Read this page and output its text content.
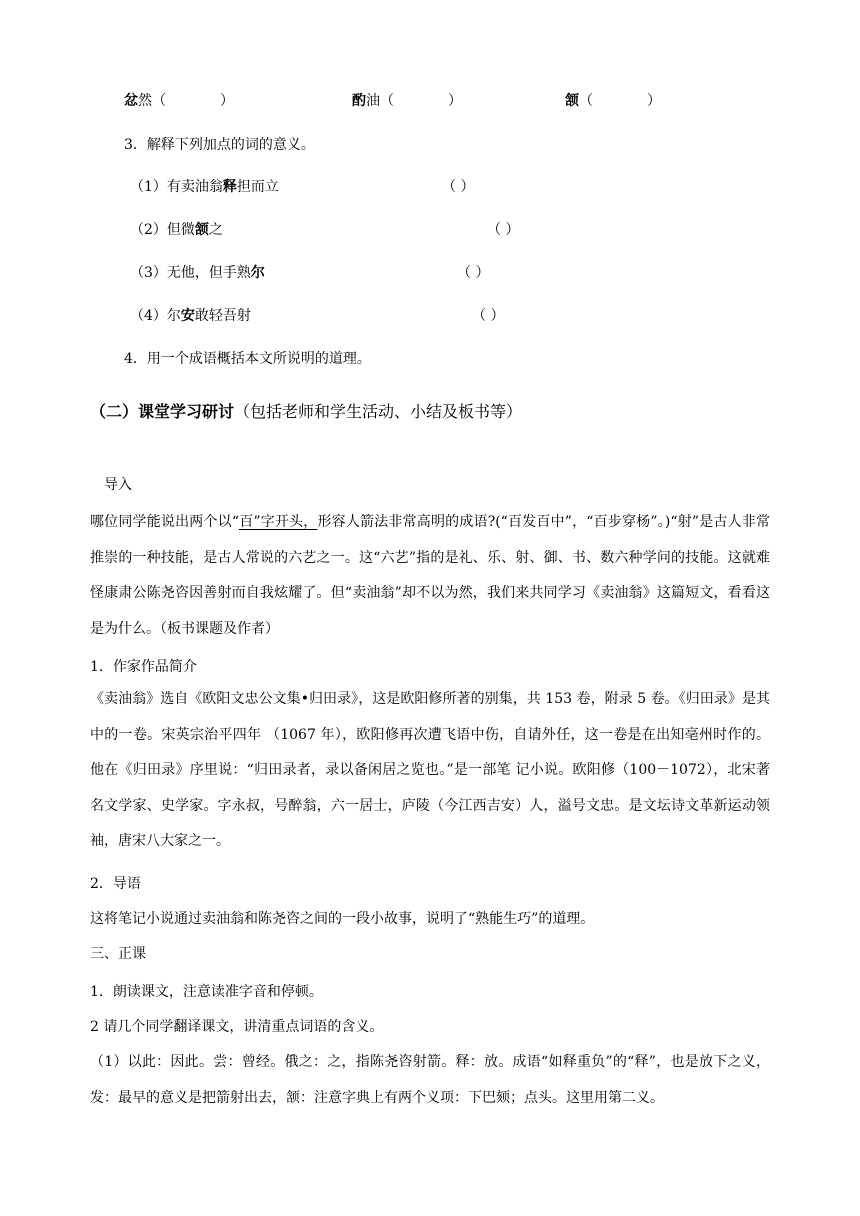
忿然（	）	酌油（	）	颔（	）
3．解释下列加点的词的意义。
（1）有卖油翁释担而立	（ ）
（2）但微颔之	（ ）
（3）无他，但手熟尔	（ ）
（4）尔安敢轻吾射	（ ）
4．用一个成语概括本文所说明的道理。
（二）课堂学习研讨（包括老师和学生活动、小结及板书等）
导入
哪位同学能说出两个以“百”字开头，形容人箭法非常高明的成语?(“百发百中”，“百步穿杨”。)“射”是古人非常推崇的一种技能，是古人常说的六艺之一。这“六艺”指的是礼、乐、射、御、书、数六种学问的技能。这就难怪康肃公陈尧咨因善射而自我炫耀了。但“卖油翁”却不以为然，我们来共同学习《卖油翁》这篇短文，看看这是为什么。（板书课题及作者）
1．作家作品简介
《卖油翁》选自《欧阳文忠公文集•归田录》，这是欧阳修所著的别集，共 153 卷，附录 5 卷。《归田录》是其中的一卷。宋英宗治平四年 （1067 年），欧阳修再次遭飞语中伤，自请外任，这一卷是在出知亳州时作的。他在《归田录》序里说：“归田录者，录以备闲居之览也。”是一部笔 记小说。欧阳修（100－1072），北宋著名文学家、史学家。字永叔，号醉翁，六一居士，庐陵（今江西吉安）人，溢号文忠。是文坛诗文革新运动领 袖，唐宋八大家之一。
2．导语
这将笔记小说通过卖油翁和陈尧咨之间的一段小故事，说明了“熟能生巧”的道理。
三、正课
1．朗读课文，注意读准字音和停顿。
2 请几个同学翻译课文，讲清重点词语的含义。
（1）以此：因此。尝：曾经。俄之：之，指陈尧咨射箭。释：放。成语“如释重负”的“释”，也是放下之义，发：最早的意义是把箭射出去，颔：注意字典上有两个义项：下巴颏；点头。这里用第二义。
